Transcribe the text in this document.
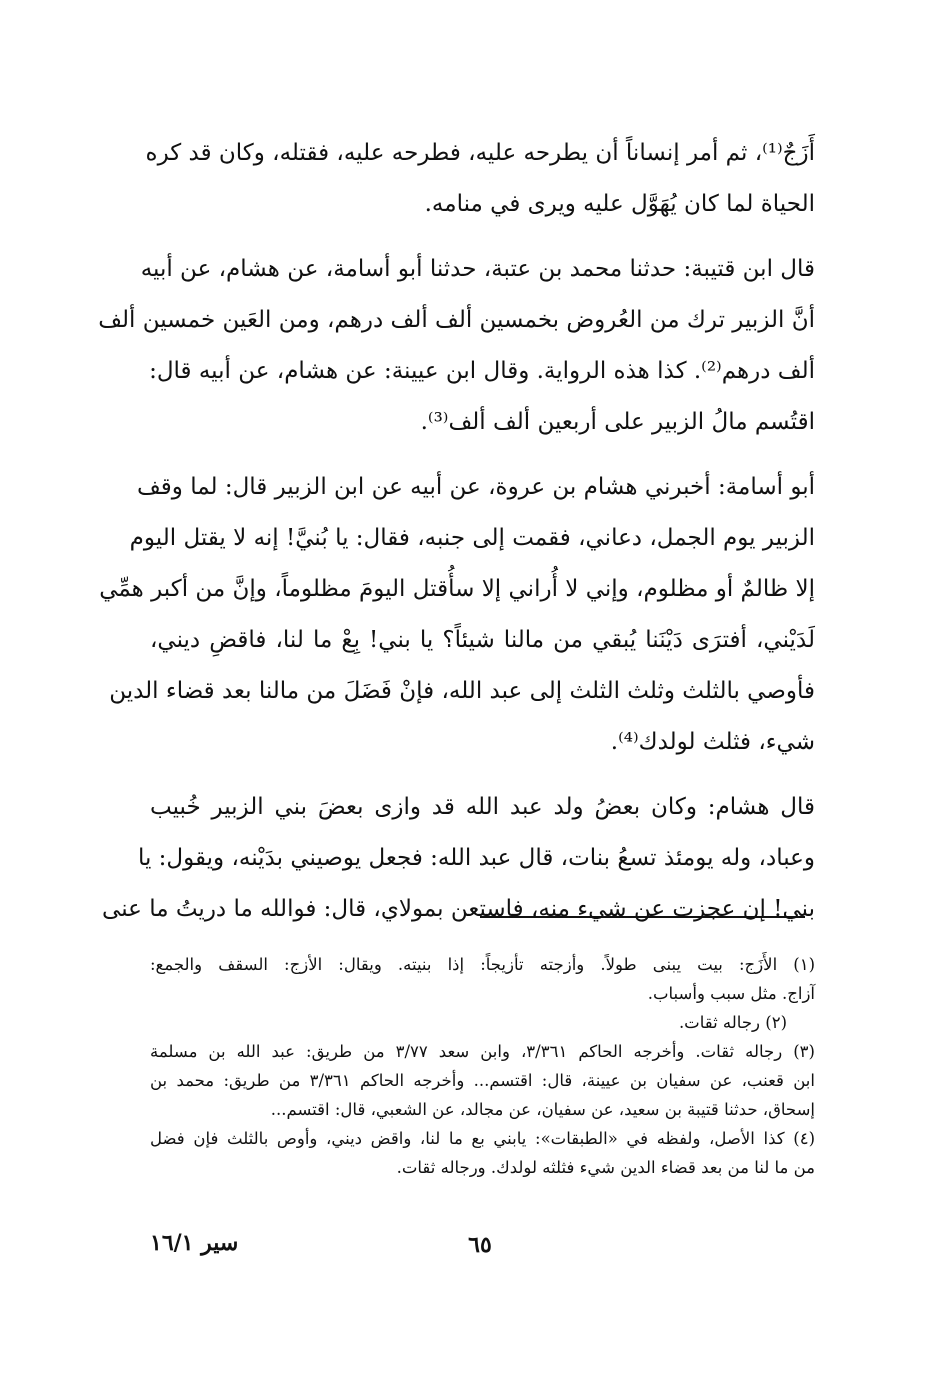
أَزَجٌ⁽¹⁾، ثم أمر إنساناً أن يطرحه عليه، فطرحه عليه، فقتله، وكان قد كره
الحياة لما كان يُهَوَّل عليه ويرى في منامه.
قال ابن قتيبة: حدثنا محمد بن عتبة، حدثنا أبو أسامة، عن هشام، عن أبيه
أنَّ الزبير ترك من العُروض بخمسين ألف ألف درهم، ومن العَين خمسين ألف
ألف درهم⁽²⁾. كذا هذه الرواية. وقال ابن عيينة: عن هشام، عن أبيه قال:
اقتُسم مالُ الزبير على أربعين ألف ألف⁽³⁾.
أبو أسامة: أخبرني هشام بن عروة، عن أبيه عن ابن الزبير قال: لما وقف
الزبير يوم الجمل، دعاني، فقمت إلى جنبه، فقال: يا بُنيَّ! إنه لا يقتل اليوم
إلا ظالمٌ أو مظلوم، وإني لا أُراني إلا سأُقتل اليومَ مظلوماً، وإنَّ من أكبر همِّي
لَدَيْني، أفترَى دَيْنَنا يُبقي من مالنا شيئاً؟ يا بني! بِعْ ما لنا، فاقضِ ديني،
فأوصي بالثلث وثلث الثلث إلى عبد الله، فإنْ فَضَلَ من مالنا بعد قضاء الدين
شيء، فثلث لولدك⁽⁴⁾.
قال هشام: وكان بعضُ ولد عبد الله قد وازى بعضَ بني الزبير خُبيب
وعباد، وله يومئذ تسعُ بنات، قال عبد الله: فجعل يوصيني بدَيْنه، ويقول: يا
بني! إن عجزت عن شيء منه، فاستعن بمولاي، قال: فوالله ما دريتُ ما عنى
(١) الأَزَج: بيت يبنى طولاً. وأزجته تأزيجاً: إذا بنيته. ويقال: الأزج: السقف والجمع:
آزاج. مثل سبب وأسباب.
(٢) رجاله ثقات.
(٣) رجاله ثقات. وأخرجه الحاكم ٣/٣٦١، وابن سعد ٣/٧٧ من طريق: عبد الله بن مسلمة
ابن قعنب، عن سفيان بن عيينة، قال: اقتسم... وأخرجه الحاكم ٣/٣٦١ من طريق: محمد بن
إسحاق، حدثنا قتيبة بن سعيد، عن سفيان، عن مجالد، عن الشعبي، قال: اقتسم...
(٤) كذا الأصل، ولفظه في «الطبقات»: يابني بع ما لنا، واقض ديني، وأوص بالثلث فإن فضل
من ما لنا من بعد قضاء الدين شيء فثلثه لولدك. ورجاله ثقات.
٦٥
سير ١٦/١
